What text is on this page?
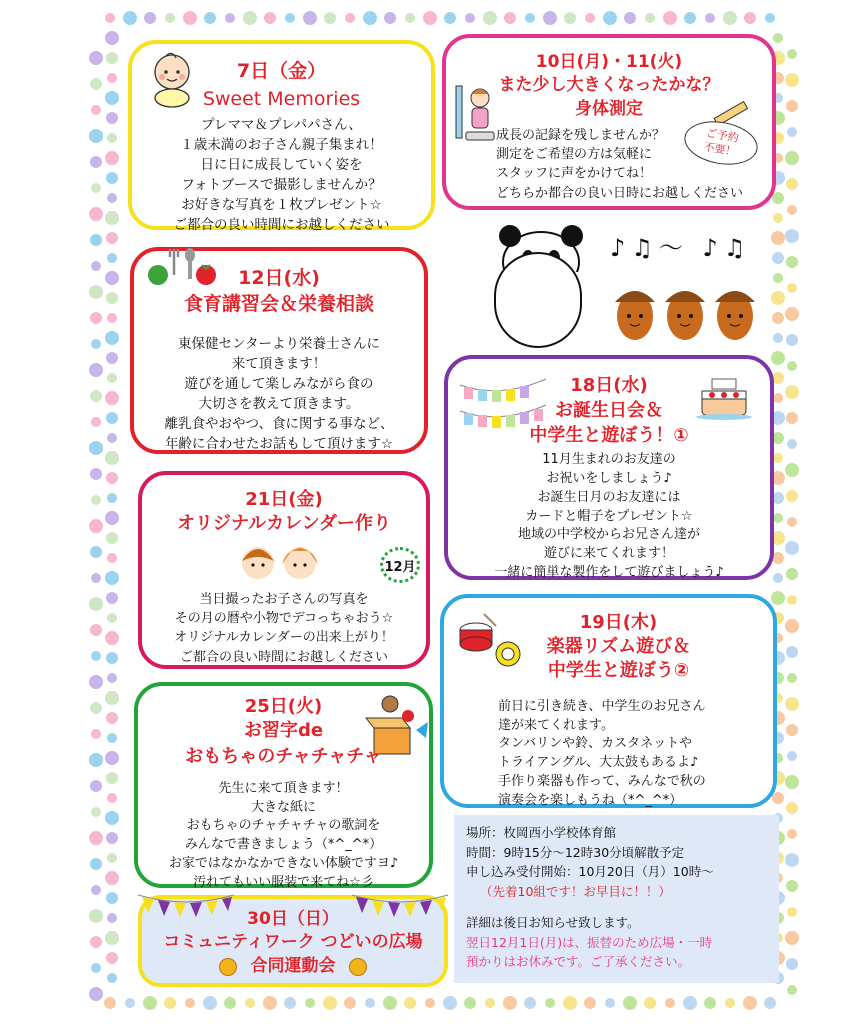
7日（金）
Sweet Memories
プレママ＆プレパパさん、
１歳未満のお子さん親子集まれ！
日に日に成長していく姿を
フォトブースで撮影しませんか？
お好きな写真を１枚プレゼント☆
ご都合の良い時間にお越しください
10日(月)・11(火)
また少し大きくなったかな？
身体測定
成長の記録を残しませんか？
測定をご希望の方は気軽に
スタッフに声をかけてね！
どちらか都合の良い日時にお越しください
ご予約
不要！
12日(水)
食育講習会＆栄養相談
東保健センターより栄養士さんに
来て頂きます！
遊びを通して楽しみながら食の
大切さを教えて頂きます。
離乳食やおやつ、食に関する事など、
年齢に合わせたお話もして頂けます☆
♪♫～ ♪♫
18日(水)
お誕生日会＆
中学生と遊ぼう！①
11月生まれのお友達の
お祝いをしましょう♪
お誕生日月のお友達には
カードと帽子をプレゼント☆
地域の中学校からお兄さん達が
遊びに来てくれます！
一緒に簡単な製作をして遊びましょう♪
21日(金)
オリジナルカレンダー作り
12月
当日撮ったお子さんの写真を
その月の暦や小物でデコっちゃおう☆
オリジナルカレンダーの出来上がり！
ご都合の良い時間にお越しください
19日(木)
楽器リズム遊び＆
中学生と遊ぼう②
前日に引き続き、中学生のお兄さん
達が来てくれます。
タンバリンや鈴、カスタネットや
トライアングル、大太鼓もあるよ♪
手作り楽器も作って、みんなで秋の
演奏会を楽しもうね（*^_^*）
25日(火)
お習字de
おもちゃのチャチャチャ
先生に来て頂きます！
大きな紙に
おもちゃのチャチャチャの歌詞を
みんなで書きましょう（*^_^*）
お家ではなかなかできない体験ですヨ♪
汚れてもいい服装で来てね☆彡
30日（日）
コミュニティワーク つどいの広場
合同運動会
場所：枚岡西小学校体育館
時間：9時15分～12時30分頃解散予定
申し込み受付開始：10月20日（月）10時～
（先着10組です！お早目に！！）
詳細は後日お知らせ致します。
翌日12月1日(月)は、振替のため広場・一時
預かりはお休みです。ご了承ください。
